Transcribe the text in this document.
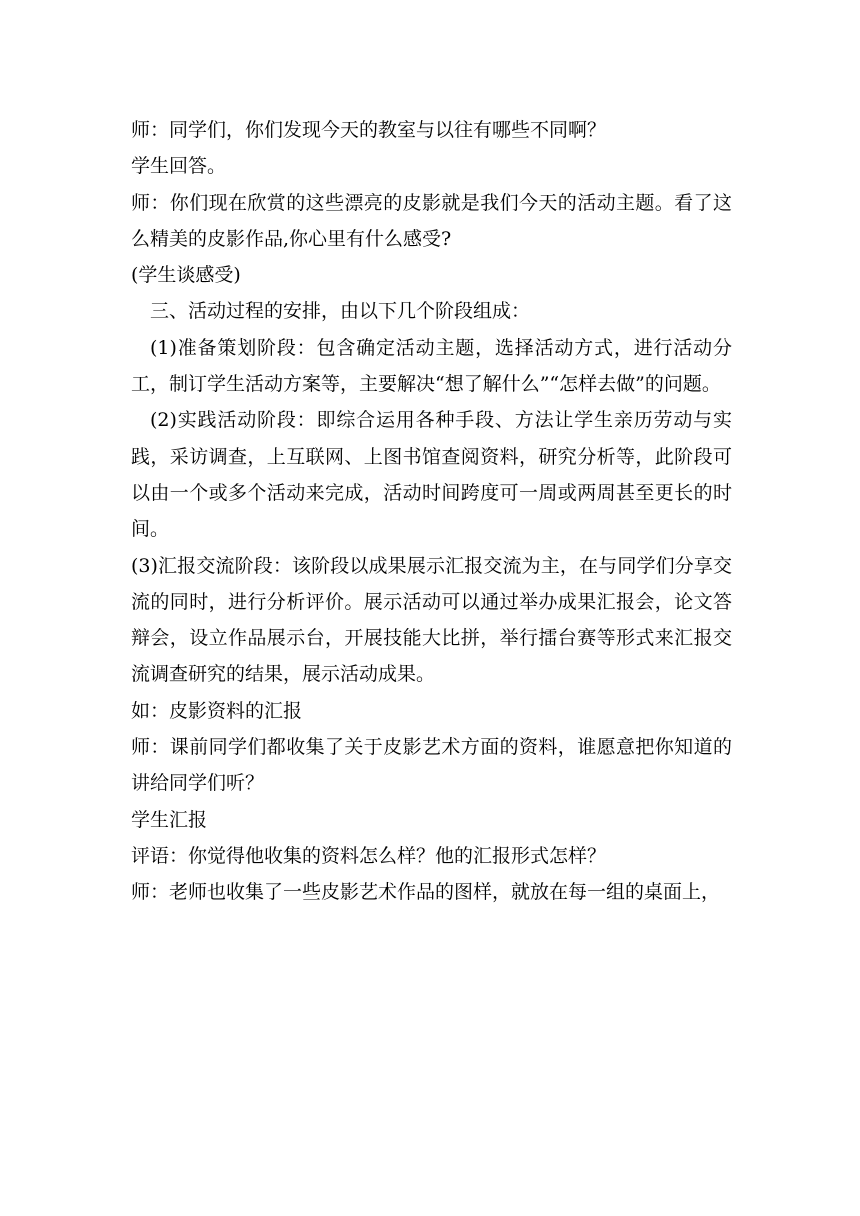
师：同学们，你们发现今天的教室与以往有哪些不同啊？

学生回答。

师：你们现在欣赏的这些漂亮的皮影就是我们今天的活动主题。看了这么精美的皮影作品,你心里有什么感受?

(学生谈感受)

三、活动过程的安排，由以下几个阶段组成：

(1)准备策划阶段：包含确定活动主题，选择活动方式，进行活动分工，制订学生活动方案等，主要解决“想了解什么”“怎样去做”的问题。

(2)实践活动阶段：即综合运用各种手段、方法让学生亲历劳动与实践，采访调查，上互联网、上图书馆查阅资料，研究分析等，此阶段可以由一个或多个活动来完成，活动时间跨度可一周或两周甚至更长的时间。

(3)汇报交流阶段：该阶段以成果展示汇报交流为主，在与同学们分享交流的同时，进行分析评价。展示活动可以通过举办成果汇报会，论文答辩会，设立作品展示台，开展技能大比拼，举行擂台赛等形式来汇报交流调查研究的结果，展示活动成果。

如：皮影资料的汇报

师：课前同学们都收集了关于皮影艺术方面的资料，谁愿意把你知道的讲给同学们听？

学生汇报

评语：你觉得他收集的资料怎么样？他的汇报形式怎样？

师：老师也收集了一些皮影艺术作品的图样，就放在每一组的桌面上，
